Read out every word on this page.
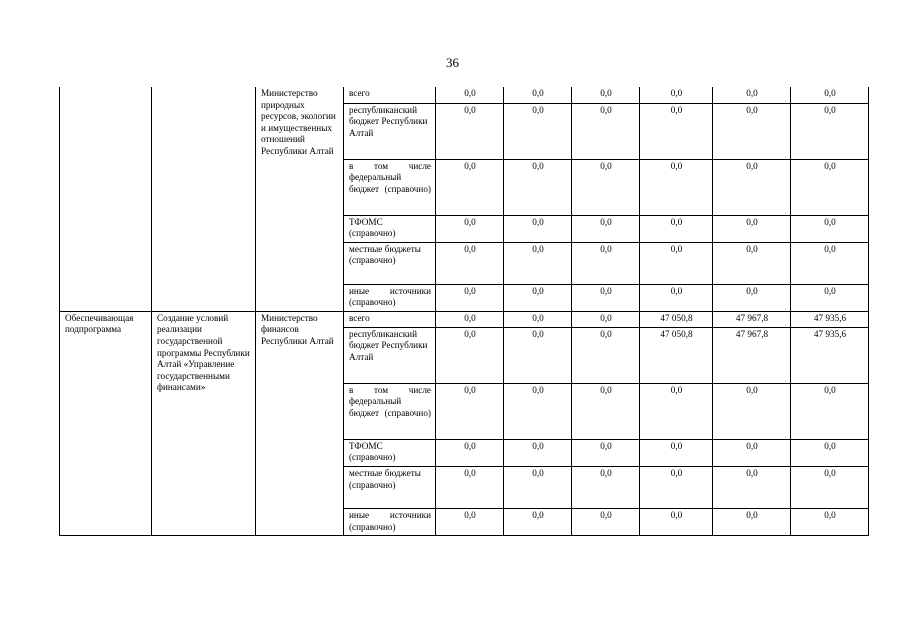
36
		Министерство природных ресурсов, экологии и имущественных отношений Республики Алтай	всего	0,0	0,0	0,0	0,0	0,0	0,0
			республиканский бюджет Республики Алтай	0,0	0,0	0,0	0,0	0,0	0,0
			в том числе федеральный бюджет (справочно)	0,0	0,0	0,0	0,0	0,0	0,0
			ТФОМС (справочно)	0,0	0,0	0,0	0,0	0,0	0,0
			местные бюджеты (справочно)	0,0	0,0	0,0	0,0	0,0	0,0
			иные источники (справочно)	0,0	0,0	0,0	0,0	0,0	0,0
Обеспечивающая подпрограмма	Создание условий реализации государственной программы Республики Алтай «Управление государственными финансами»	Министерство финансов Республики Алтай	всего	0,0	0,0	0,0	47 050,8	47 967,8	47 935,6
			республиканский бюджет Республики Алтай	0,0	0,0	0,0	47 050,8	47 967,8	47 935,6
			в том числе федеральный бюджет (справочно)	0,0	0,0	0,0	0,0	0,0	0,0
			ТФОМС (справочно)	0,0	0,0	0,0	0,0	0,0	0,0
			местные бюджеты (справочно)	0,0	0,0	0,0	0,0	0,0	0,0
			иные источники (справочно)	0,0	0,0	0,0	0,0	0,0	0,0
